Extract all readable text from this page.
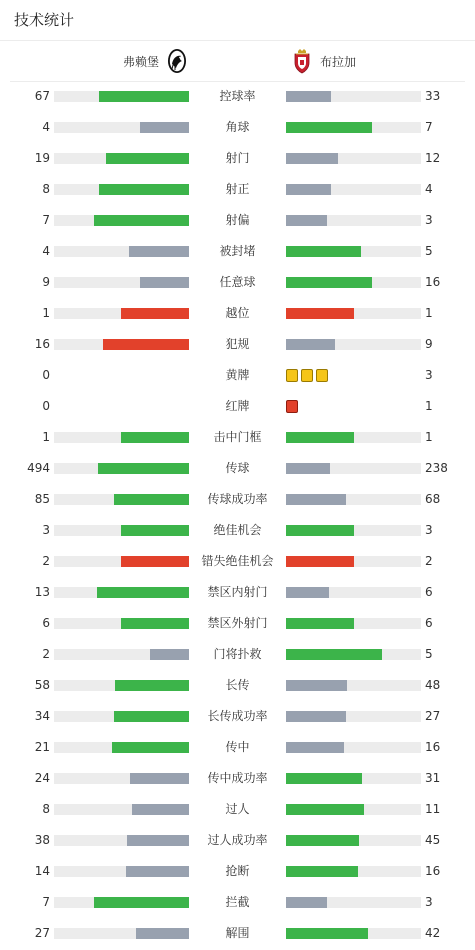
技术统计
弗赖堡	布拉加
67	控球率	33
4	角球	7
19	射门	12
8	射正	4
7	射偏	3
4	被封堵	5
9	任意球	16
1	越位	1
16	犯规	9
0	黄牌	3
0	红牌	1
1	击中门框	1
494	传球	238
85	传球成功率	68
3	绝佳机会	3
2	错失绝佳机会	2
13	禁区内射门	6
6	禁区外射门	6
2	门将扑救	5
58	长传	48
34	长传成功率	27
21	传中	16
24	传中成功率	31
8	过人	11
38	过人成功率	45
14	抢断	16
7	拦截	3
27	解围	42
